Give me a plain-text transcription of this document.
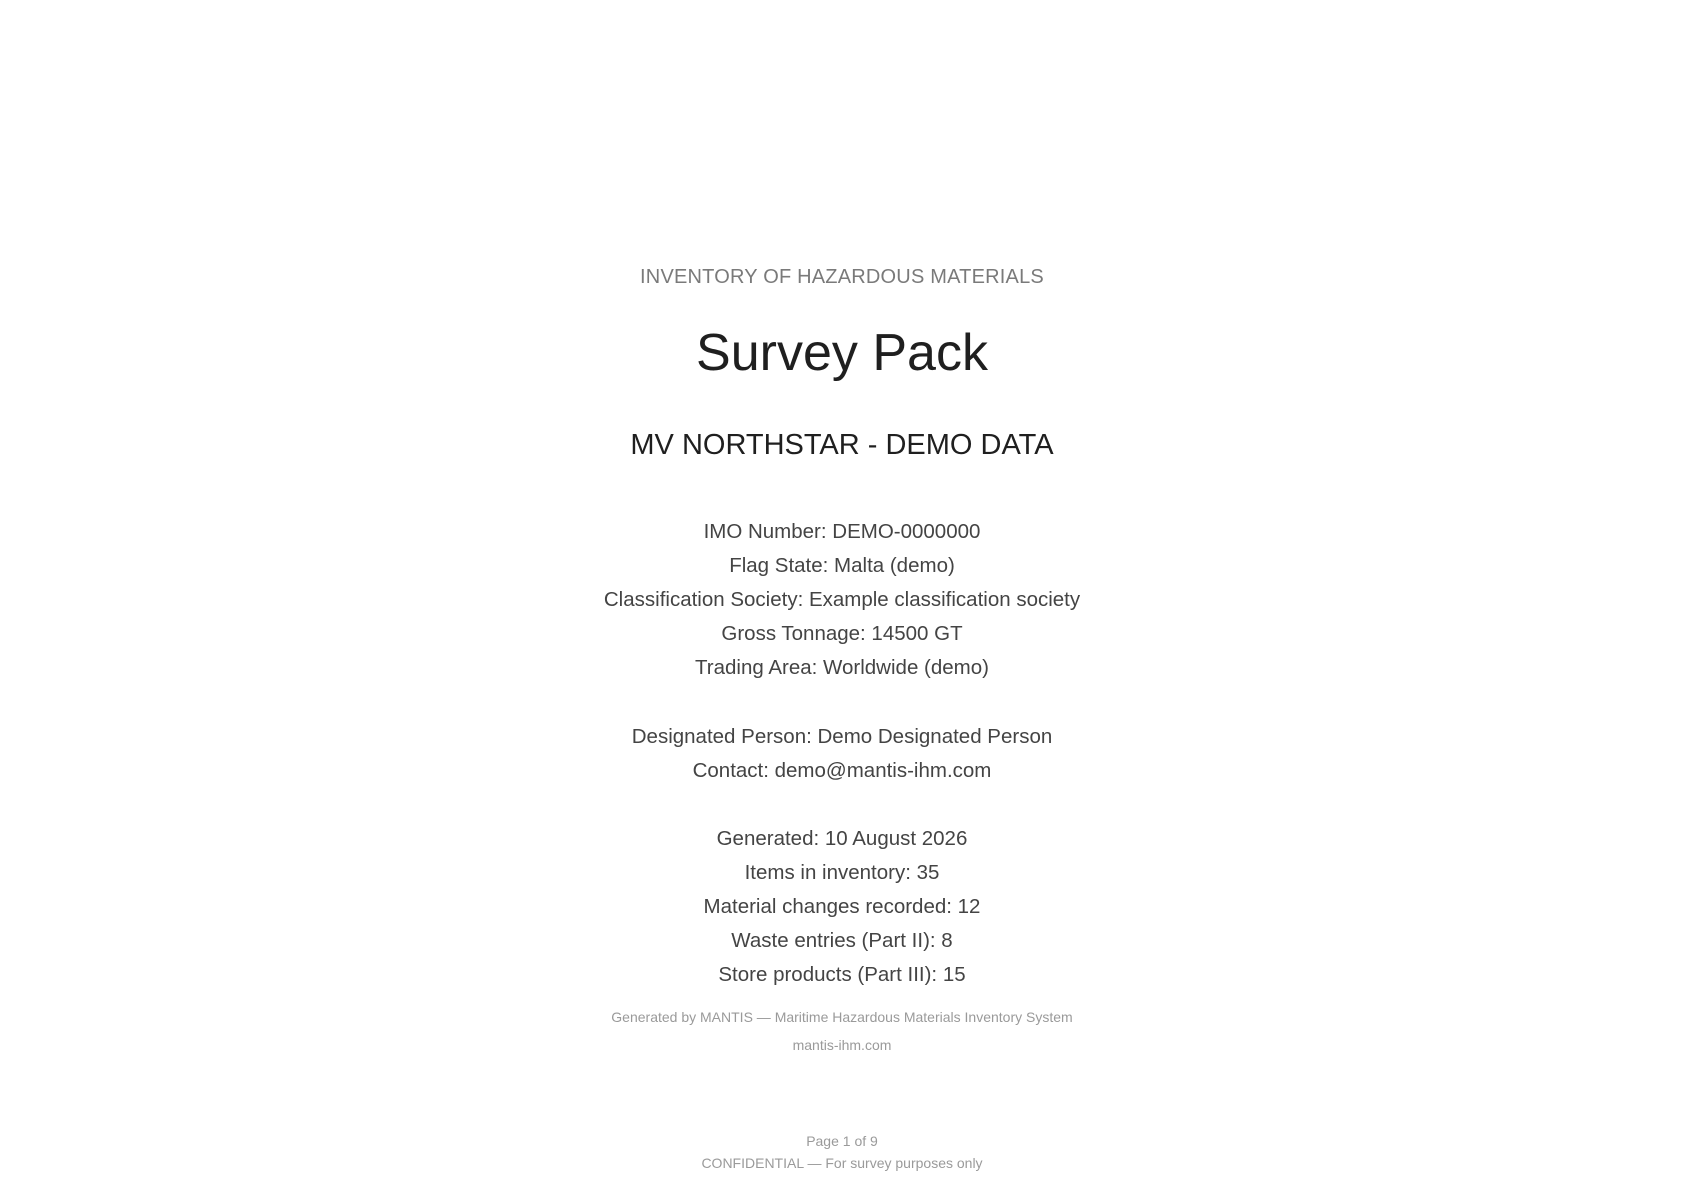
INVENTORY OF HAZARDOUS MATERIALS
Survey Pack
MV NORTHSTAR - DEMO DATA
IMO Number: DEMO-0000000
Flag State: Malta (demo)
Classification Society: Example classification society
Gross Tonnage: 14500 GT
Trading Area: Worldwide (demo)
Designated Person: Demo Designated Person
Contact: demo@mantis-ihm.com
Generated: 10 August 2026
Items in inventory: 35
Material changes recorded: 12
Waste entries (Part II): 8
Store products (Part III): 15
Generated by MANTIS — Maritime Hazardous Materials Inventory System
mantis-ihm.com
Page 1 of 9
CONFIDENTIAL — For survey purposes only
